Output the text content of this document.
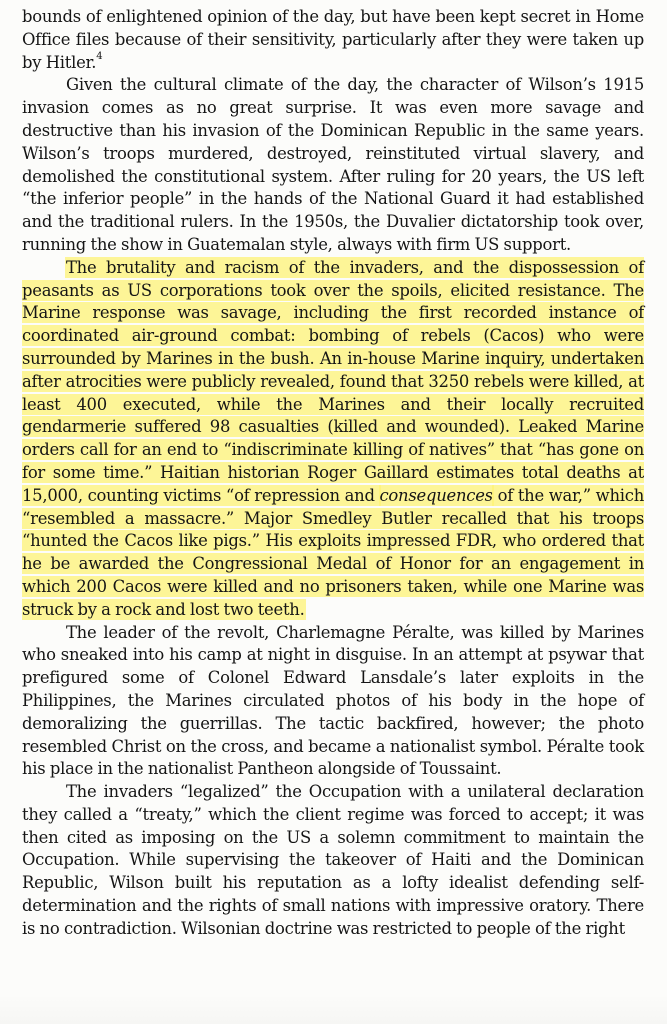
bounds of enlightened opinion of the day, but have been kept secret in Home Office files because of their sensitivity, particularly after they were taken up by Hitler.$^4$

Given the cultural climate of the day, the character of Wilson’s 1915 invasion comes as no great surprise. It was even more savage and destructive than his invasion of the Dominican Republic in the same years. Wilson’s troops murdered, destroyed, reinstituted virtual slavery, and demolished the constitutional system. After ruling for 20 years, the US left “the inferior people” in the hands of the National Guard it had established and the traditional rulers. In the 1950s, the Duvalier dictatorship took over, running the show in Guatemalan style, always with firm US support.

The brutality and racism of the invaders, and the dispossession of peasants as US corporations took over the spoils, elicited resistance. The Marine response was savage, including the first recorded instance of coordinated air-ground combat: bombing of rebels (Cacos) who were surrounded by Marines in the bush. An in-house Marine inquiry, undertaken after atrocities were publicly revealed, found that 3250 rebels were killed, at least 400 executed, while the Marines and their locally recruited gendarmerie suffered 98 casualties (killed and wounded). Leaked Marine orders call for an end to “indiscriminate killing of natives” that “has gone on for some time.” Haitian historian Roger Gaillard estimates total deaths at 15,000, counting victims “of repression and consequences of the war,” which “resembled a massacre.” Major Smedley Butler recalled that his troops “hunted the Cacos like pigs.” His exploits impressed FDR, who ordered that he be awarded the Congressional Medal of Honor for an engagement in which 200 Cacos were killed and no prisoners taken, while one Marine was struck by a rock and lost two teeth.

The leader of the revolt, Charlemagne Péralte, was killed by Marines who sneaked into his camp at night in disguise. In an attempt at psywar that prefigured some of Colonel Edward Lansdale’s later exploits in the Philippines, the Marines circulated photos of his body in the hope of demoralizing the guerrillas. The tactic backfired, however; the photo resembled Christ on the cross, and became a nationalist symbol. Péralte took his place in the nationalist Pantheon alongside of Toussaint.

The invaders “legalized” the Occupation with a unilateral declaration they called a “treaty,” which the client regime was forced to accept; it was then cited as imposing on the US a solemn commitment to maintain the Occupation. While supervising the takeover of Haiti and the Dominican Republic, Wilson built his reputation as a lofty idealist defending self-determination and the rights of small nations with impressive oratory. There is no contradiction. Wilsonian doctrine was restricted to people of the right
